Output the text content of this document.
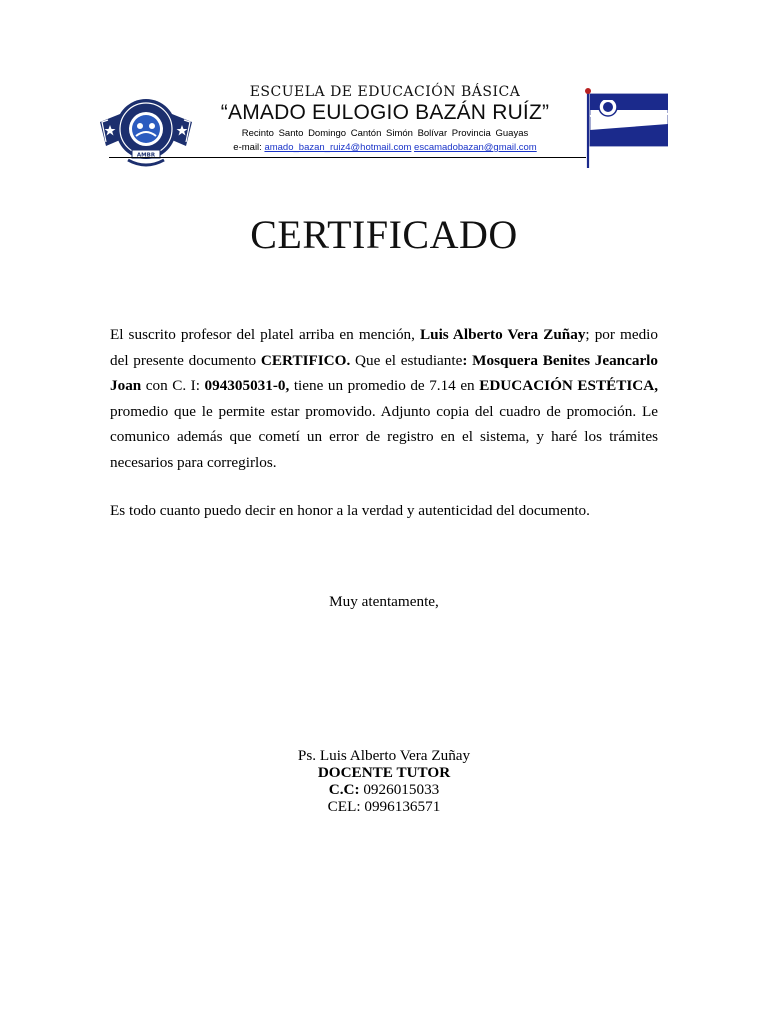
AMBR
ESCUELA DE EDUCACIÓN BÁSICA
“AMADO EULOGIO BAZÁN RUÍZ”
Recinto Santo Domingo Cantón Simón Bolívar Provincia Guayas
e-mail: amado_bazan_ruiz4@hotmail.com escamadobazan@gmail.com
CERTIFICADO

El suscrito profesor del platel arriba en mención, Luis Alberto Vera Zuñay; por medio del presente documento CERTIFICO. Que el estudiante: Mosquera Benites Jeancarlo Joan con C. I: 094305031-0, tiene un promedio de 7.14 en EDUCACIÓN ESTÉTICA, promedio que le permite estar promovido. Adjunto copia del cuadro de promoción. Le comunico además que cometí un error de registro en el sistema, y haré los trámites necesarios para corregirlos.

Es todo cuanto puedo decir en honor a la verdad y autenticidad del documento.

Muy atentamente,
Ps. Luis Alberto Vera Zuñay
DOCENTE TUTOR
C.C: 0926015033
CEL: 0996136571
